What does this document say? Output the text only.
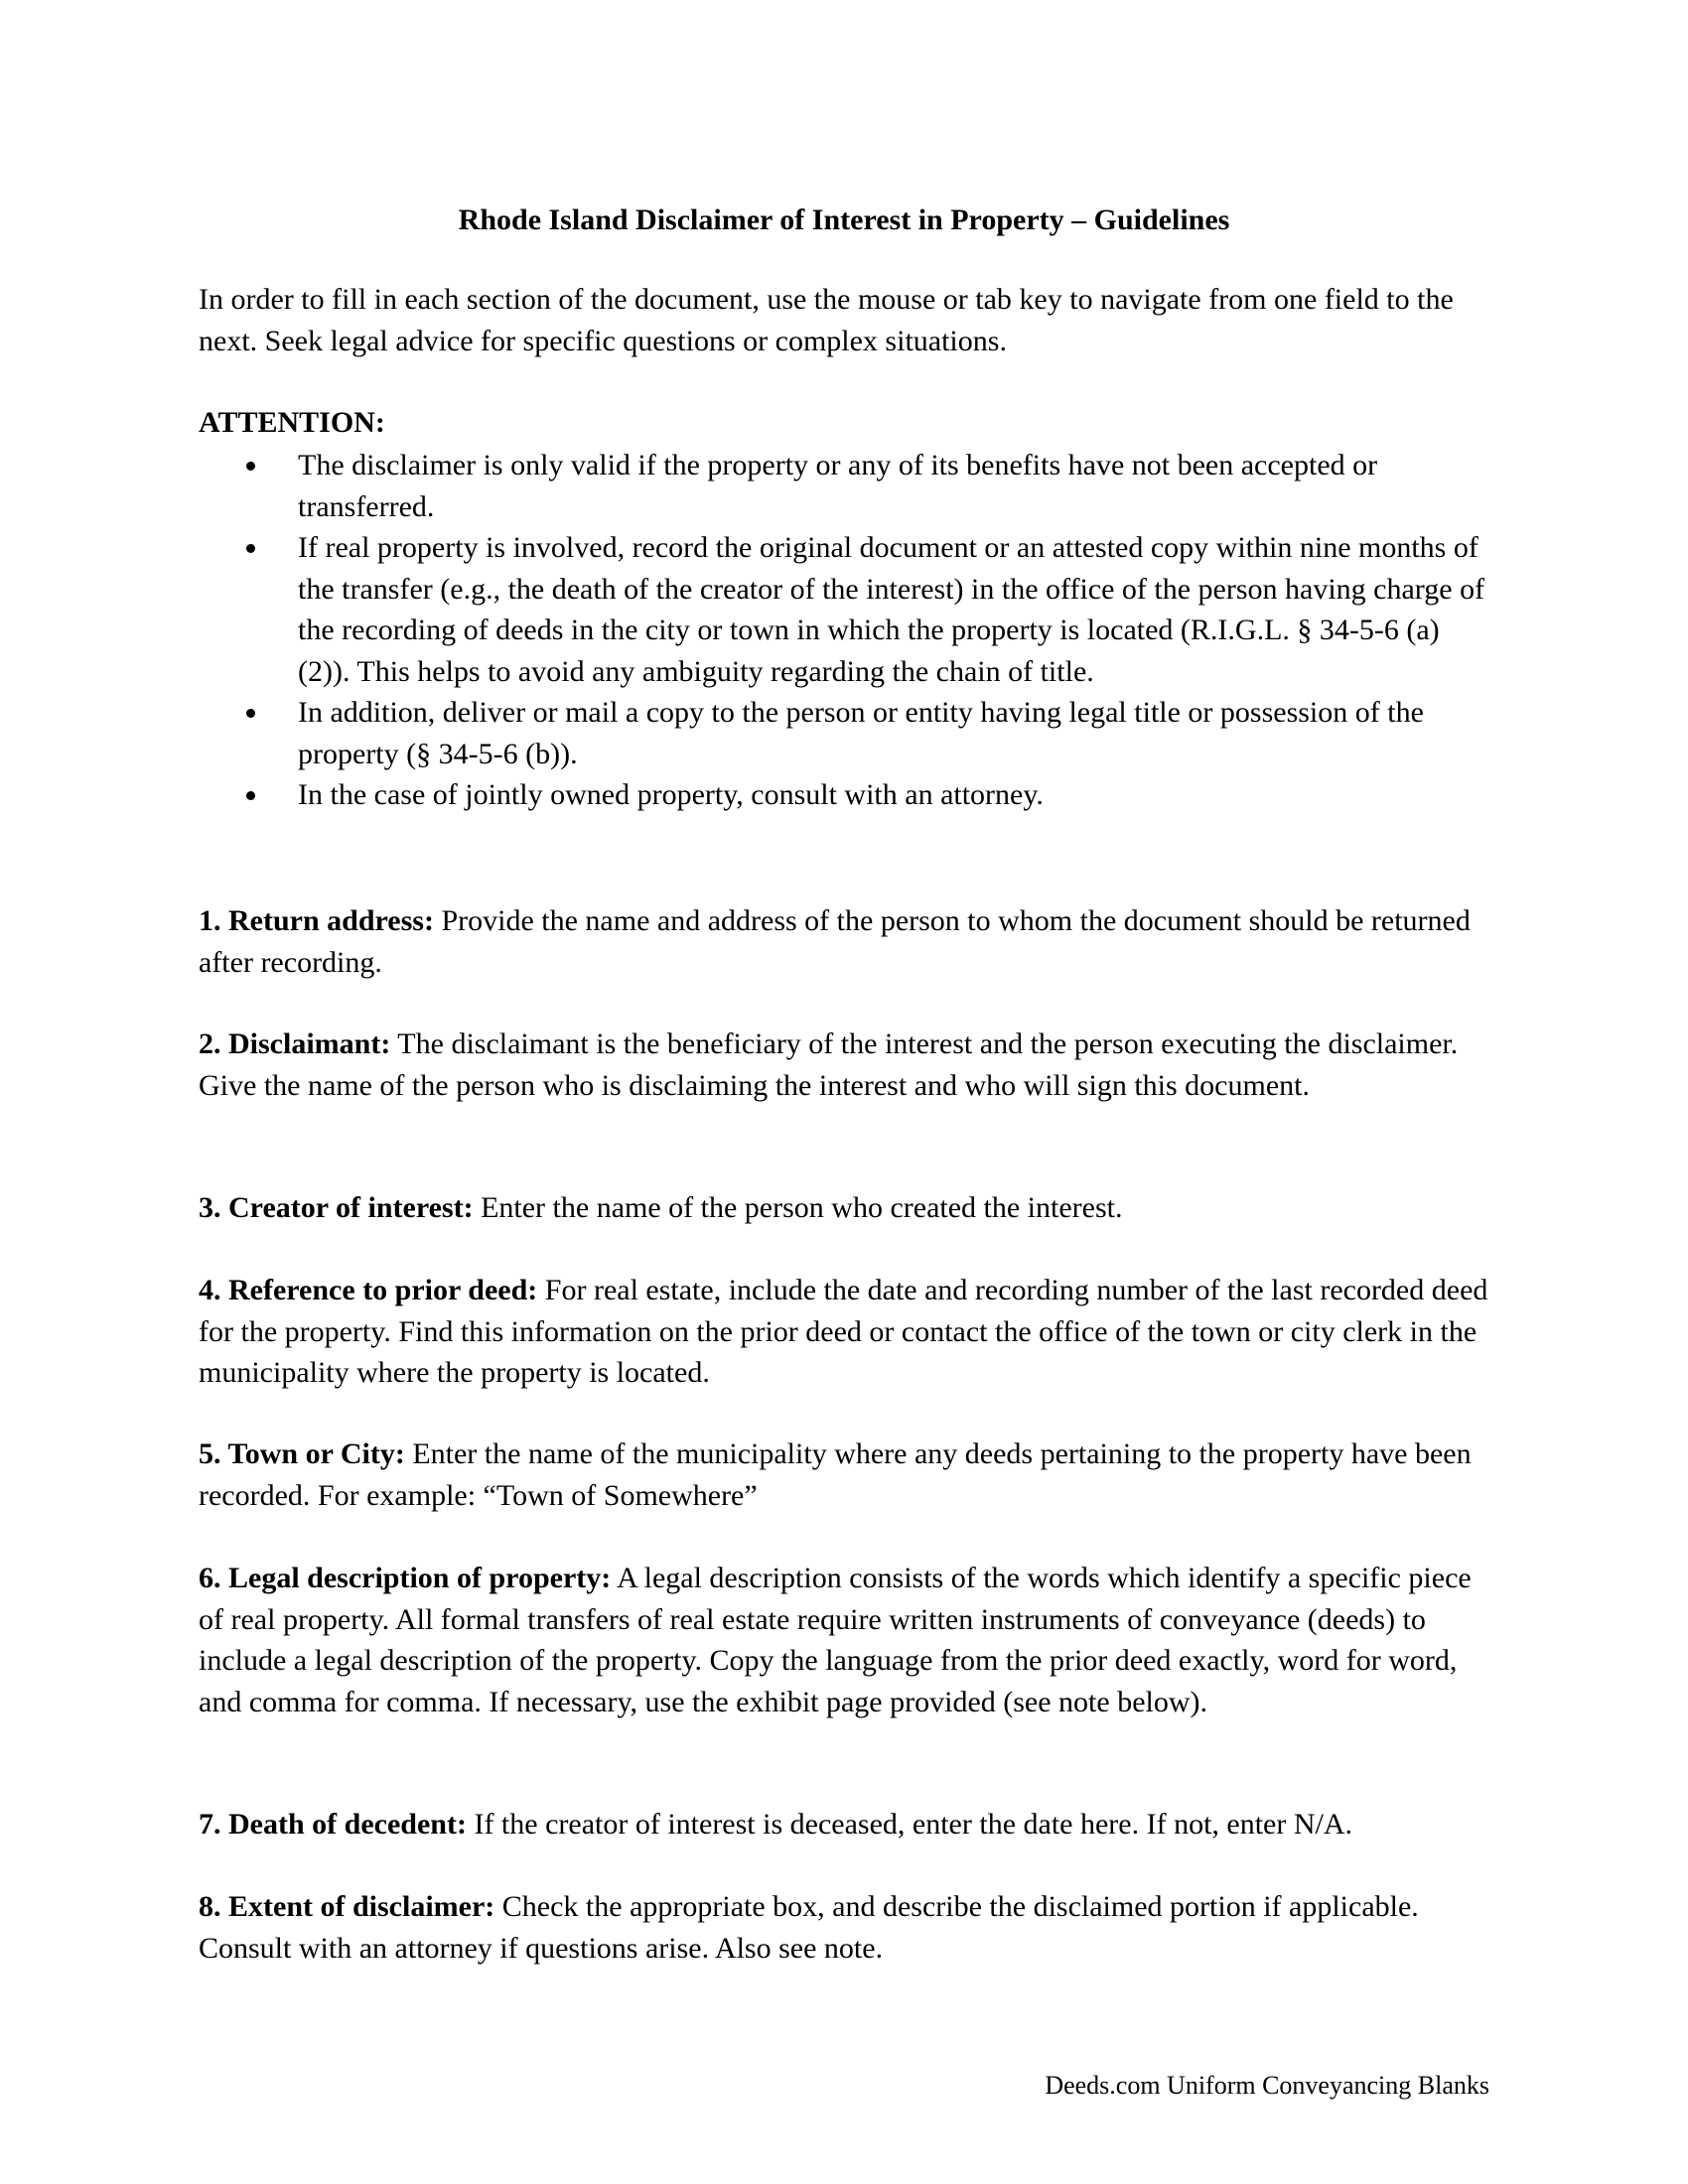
Rhode Island Disclaimer of Interest in Property – Guidelines

In order to fill in each section of the document, use the mouse or tab key to navigate from one field to the next. Seek legal advice for specific questions or complex situations.

ATTENTION:

The disclaimer is only valid if the property or any of its benefits have not been accepted or transferred.
If real property is involved, record the original document or an attested copy within nine months of the transfer (e.g., the death of the creator of the interest) in the office of the person having charge of the recording of deeds in the city or town in which the property is located (R.I.G.L. § 34-5-6 (a) (2)). This helps to avoid any ambiguity regarding the chain of title.
In addition, deliver or mail a copy to the person or entity having legal title or possession of the property (§ 34-5-6 (b)).
In the case of jointly owned property, consult with an attorney.

1. Return address: Provide the name and address of the person to whom the document should be returned after recording.

2. Disclaimant: The disclaimant is the beneficiary of the interest and the person executing the disclaimer. Give the name of the person who is disclaiming the interest and who will sign this document.

3. Creator of interest: Enter the name of the person who created the interest.

4. Reference to prior deed: For real estate, include the date and recording number of the last recorded deed for the property. Find this information on the prior deed or contact the office of the town or city clerk in the municipality where the property is located.

5. Town or City: Enter the name of the municipality where any deeds pertaining to the property have been recorded. For example: “Town of Somewhere”

6. Legal description of property: A legal description consists of the words which identify a specific piece of real property. All formal transfers of real estate require written instruments of conveyance (deeds) to include a legal description of the property. Copy the language from the prior deed exactly, word for word, and comma for comma. If necessary, use the exhibit page provided (see note below).

7. Death of decedent: If the creator of interest is deceased, enter the date here. If not, enter N/A.

8. Extent of disclaimer: Check the appropriate box, and describe the disclaimed portion if applicable. Consult with an attorney if questions arise. Also see note.

Deeds.com Uniform Conveyancing Blanks
